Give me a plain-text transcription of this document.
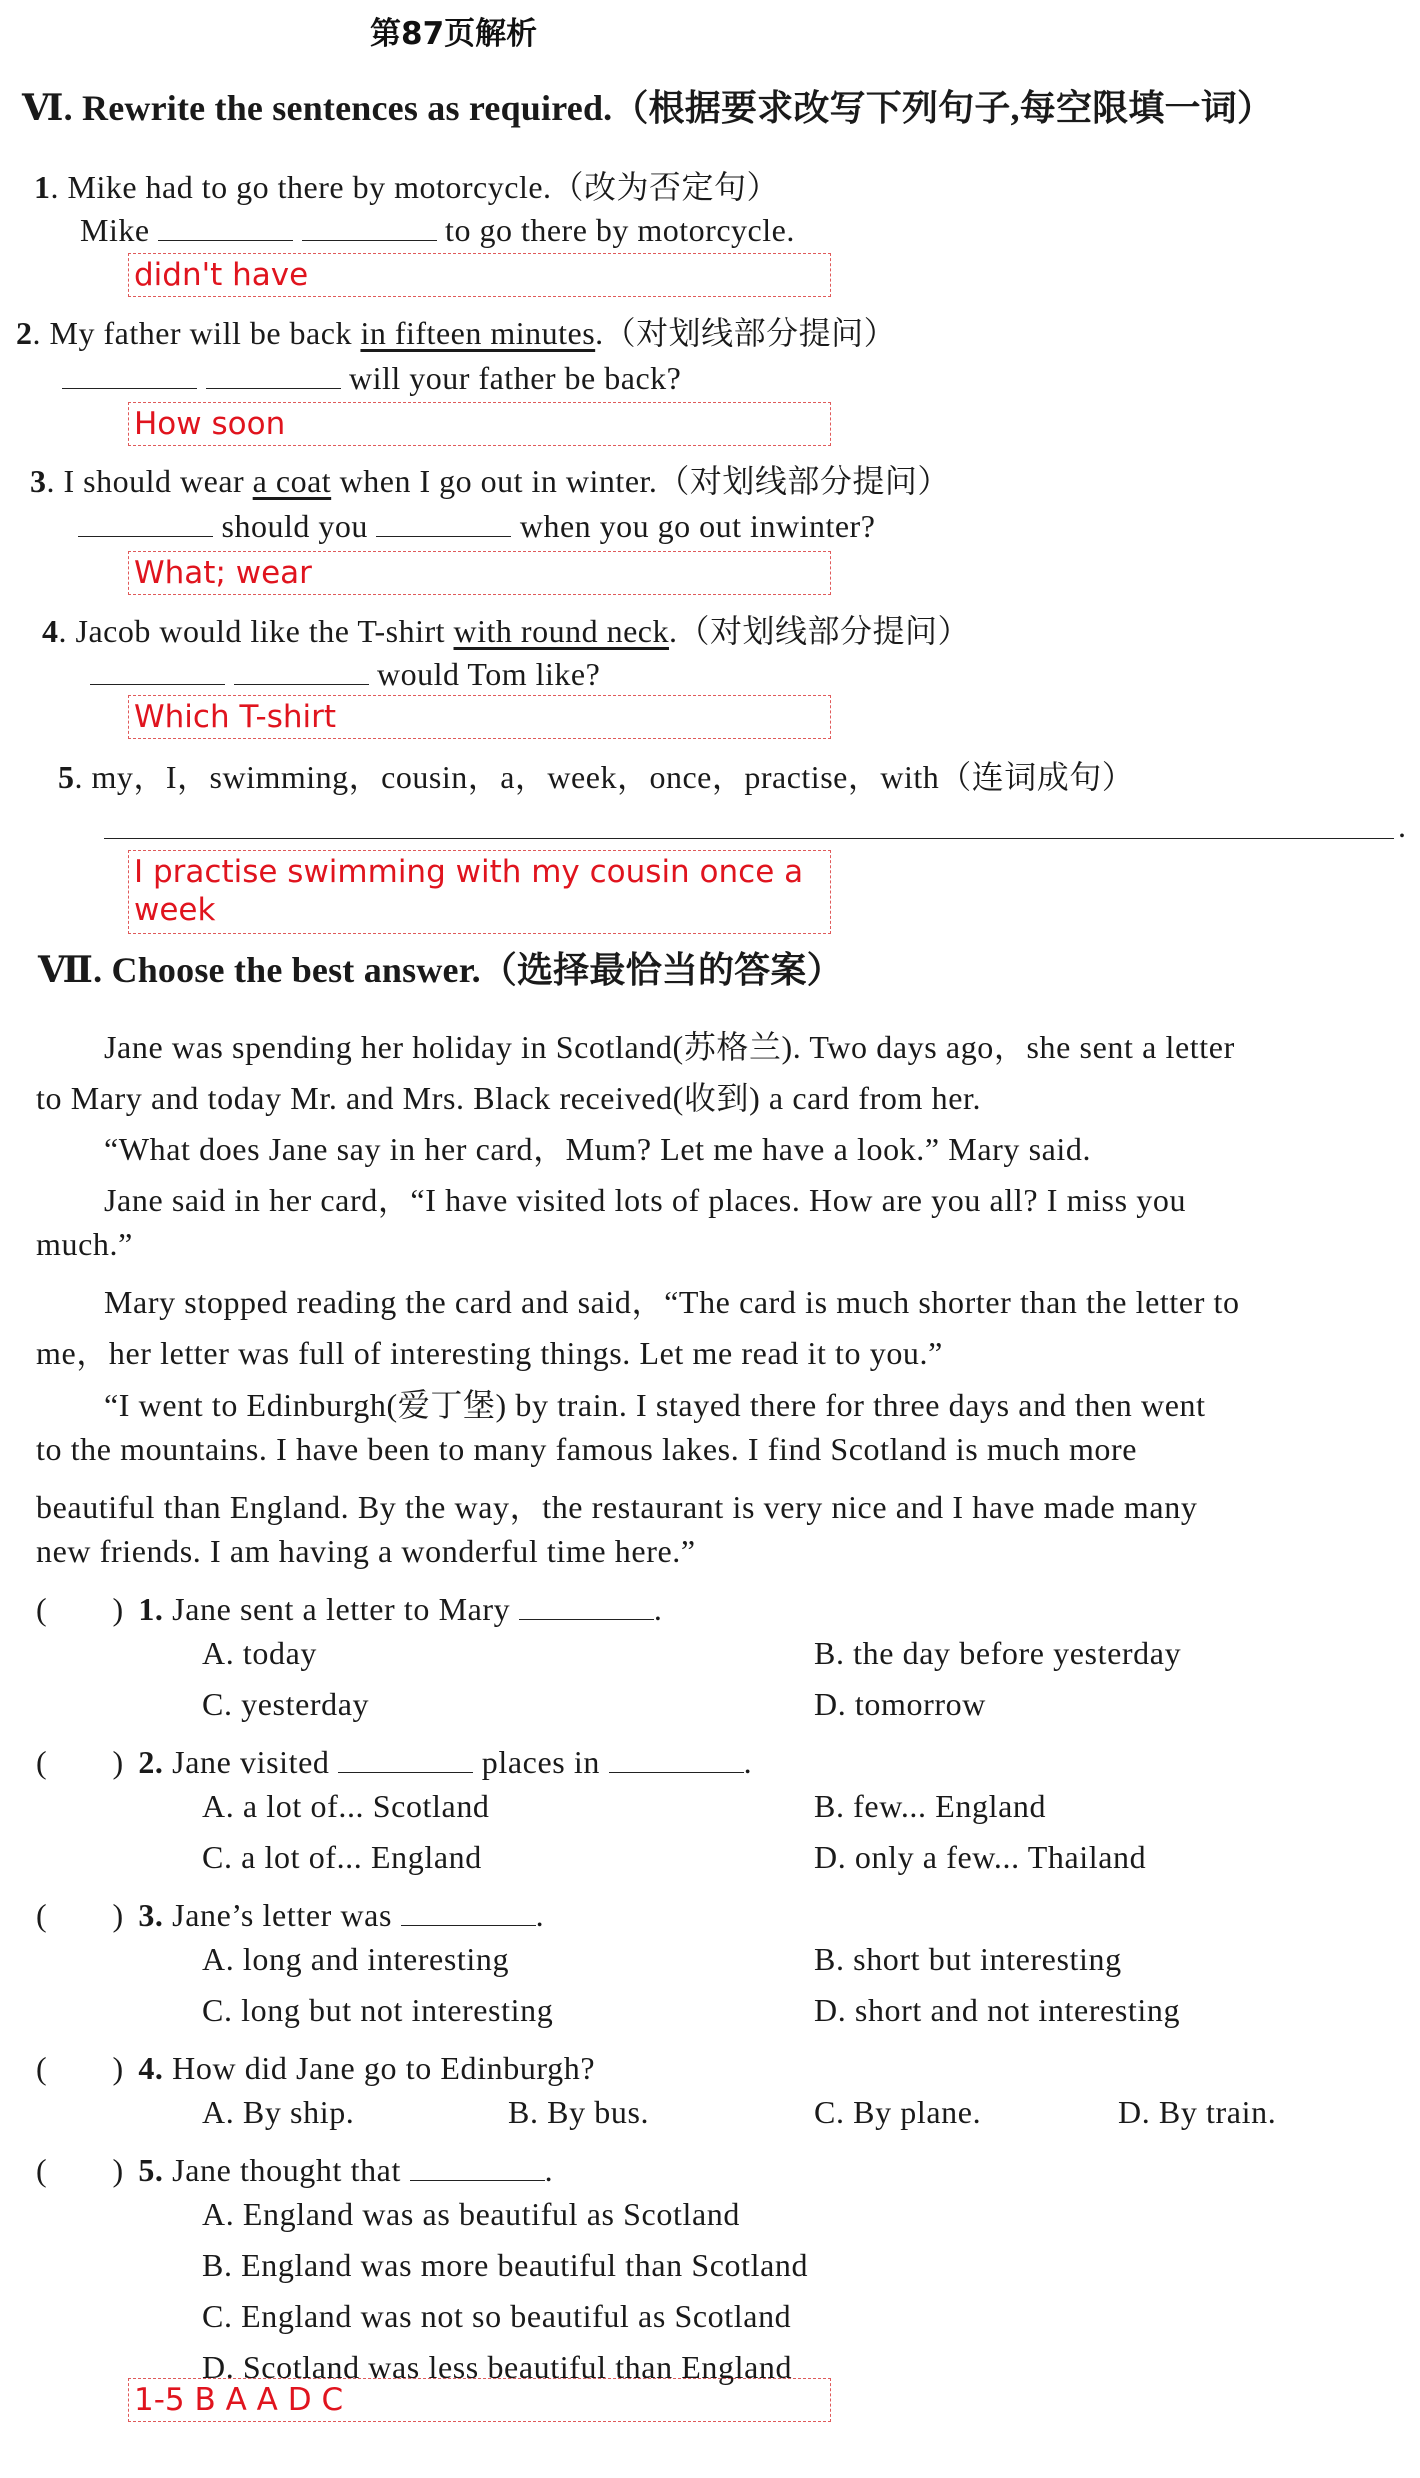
第87页解析
Ⅵ. Rewrite the sentences as required.（根据要求改写下列句子,每空限填一词）
1. Mike had to go there by motorcycle.（改为否定句）
Mike	to go there by motorcycle.
didn't have
2. My father will be back in fifteen minutes.（对划线部分提问）
will your father be back?
How soon
3. I should wear a coat when I go out in winter.（对划线部分提问）
should you	when you go out inwinter?
What; wear
4. Jacob would like the T-shirt with round neck.（对划线部分提问）
would Tom like?
Which T-shirt
5. my，I，swimming，cousin，a，week，once，practise，with（连词成句）
.
I practise swimming with my cousin once a week
Ⅶ. Choose the best answer.（选择最恰当的答案）
Jane was spending her holiday in Scotland(苏格兰). Two days ago，she sent a letter
to Mary and today Mr. and Mrs. Black received(收到) a card from her.
“What does Jane say in her card，Mum? Let me have a look.” Mary said.
Jane said in her card，“I have visited lots of places. How are you all? I miss you
much.”
Mary stopped reading the card and said，“The card is much shorter than the letter to
me，her letter was full of interesting things. Let me read it to you.”
“I went to Edinburgh(爱丁堡) by train. I stayed there for three days and then went
to the mountains. I have been to many famous lakes. I find Scotland is much more
beautiful than England. By the way，the restaurant is very nice and I have made many
new friends. I am having a wonderful time here.”
(　　) 1. Jane sent a letter to Mary	.
A. today	B. the day before yesterday
C. yesterday	D. tomorrow
(　　) 2. Jane visited	places in	.
A. a lot of... Scotland	B. few... England
C. a lot of... England	D. only a few... Thailand
(　　) 3. Jane’s letter was	.
A. long and interesting	B. short but interesting
C. long but not interesting	D. short and not interesting
(　　) 4. How did Jane go to Edinburgh?
A. By ship.	B. By bus.	C. By plane.	D. By train.
(　　) 5. Jane thought that	.
A. England was as beautiful as Scotland
B. England was more beautiful than Scotland
C. England was not so beautiful as Scotland
D. Scotland was less beautiful than England
1-5 B A A D C
